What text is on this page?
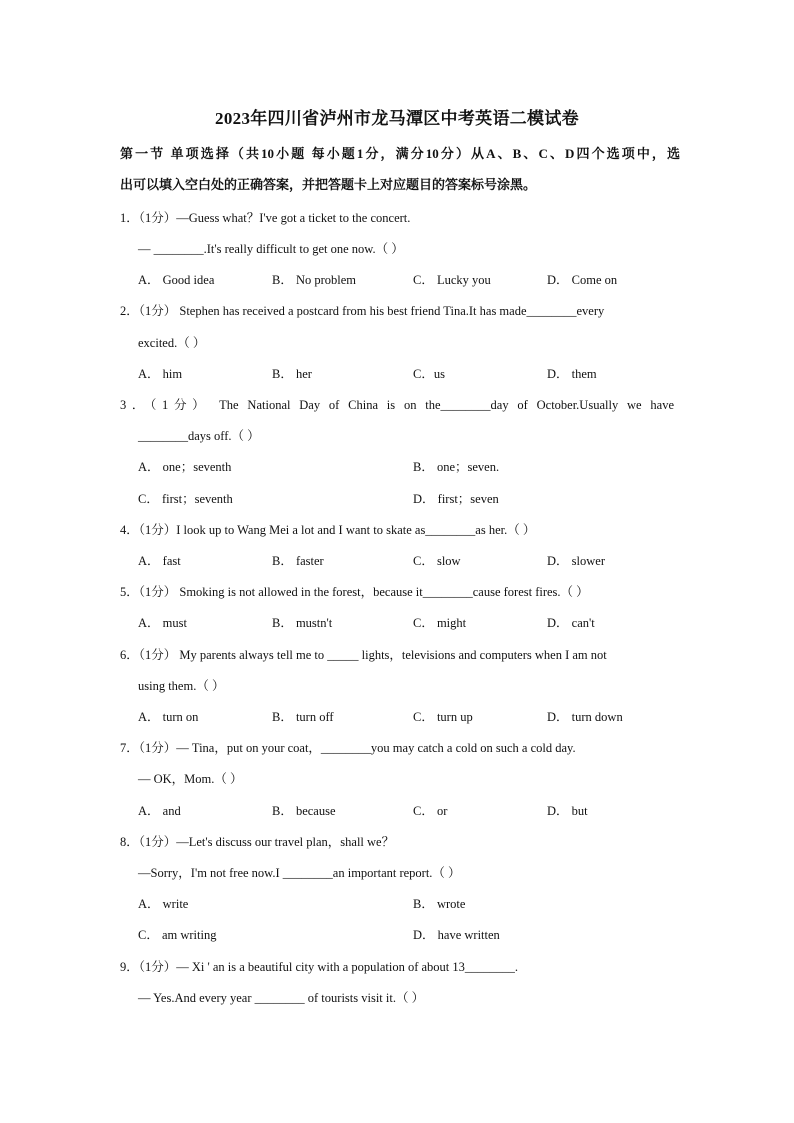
2023年四川省泸州市龙马潭区中考英语二模试卷
第一节 单项选择（共10小题 每小题1分，满分10分）从A、B、C、D四个选项中，选
出可以填入空白处的正确答案，并把答题卡上对应题目的答案标号涂黑。
1．（1分）—Guess what？I've got a ticket to the concert.
— ________.It's really difficult to get one now.（ ）
A． Good idea	B． No problem	C． Lucky you	D． Come on
2．（1分） Stephen has received a postcard from his best friend Tina.It has made________every
excited.（ ）
A． him	B． her	C．us	D． them
3．（1分） The National Day of China is on the________day of October.Usually we have
________days off.（ ）
A． one；seventh	B． one；seven.
C． first；seventh	D． first；seven
4．（1分）I look up to Wang Mei a lot and I want to skate as________as her.（ ）
A． fast	B． faster	C． slow	D． slower
5．（1分） Smoking is not allowed in the forest，because it________cause forest fires.（ ）
A． must	B． mustn't	C． might	D． can't
6．（1分） My parents always tell me to _____ lights，televisions and computers when I am not
using them.（ ）
A． turn on	B． turn off	C． turn up	D． turn down
7．（1分）— Tina，put on your coat，________you may catch a cold on such a cold day.
— OK，Mom.（ ）
A． and	B． because	C． or	D． but
8．（1分）—Let's discuss our travel plan，shall we？
—Sorry，I'm not free now.I ________an important report.（ ）
A． write	B． wrote
C． am writing	D． have written
9．（1分）— Xi ' an is a beautiful city with a population of about 13________.
— Yes.And every year ________ of tourists visit it.（ ）
